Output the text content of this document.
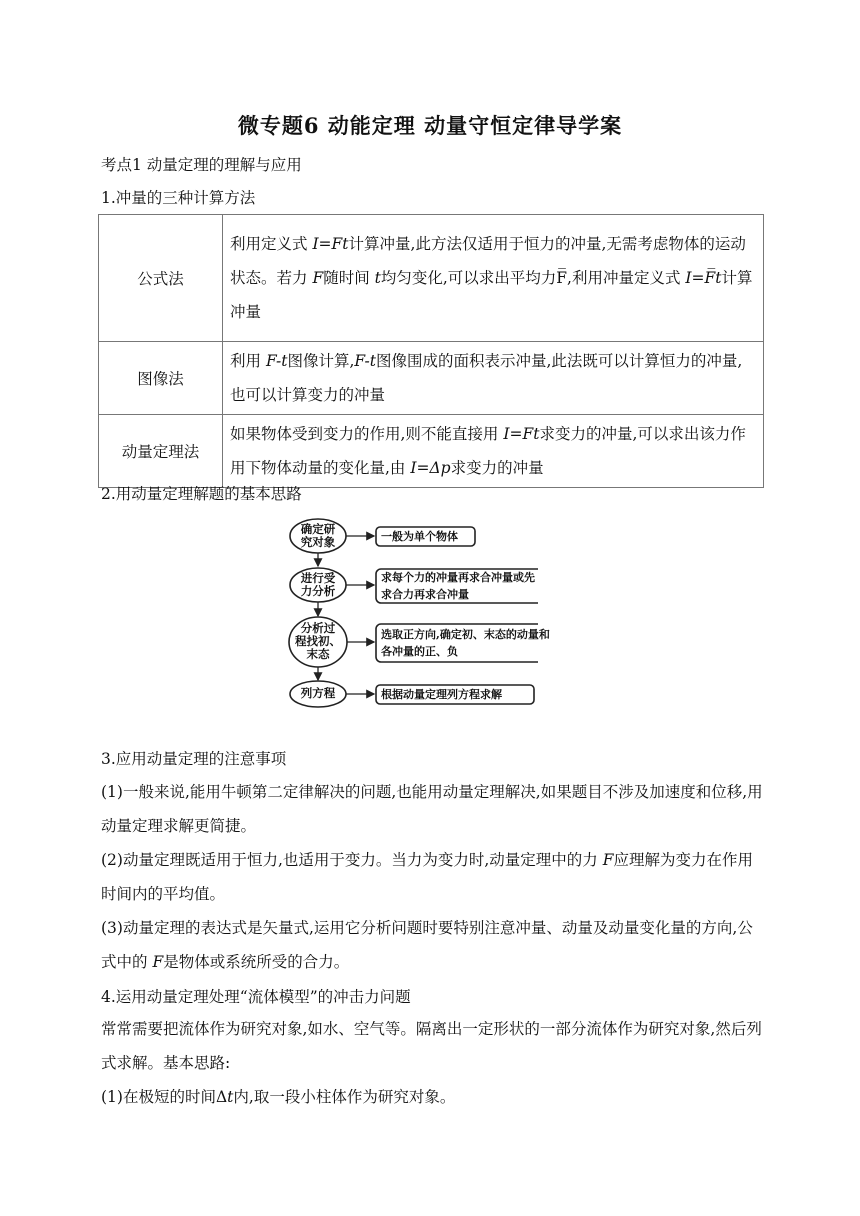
微专题6 动能定理 动量守恒定律导学案
考点1 动量定理的理解与应用
1.冲量的三种计算方法
公式法	利用定义式 I=Ft计算冲量,此方法仅适用于恒力的冲量,无需考虑物体的运动状态。若力 F随时间 t均匀变化,可以求出平均力F̅,利用冲量定义式 I=F̅t计算冲量
图像法	利用 F-t图像计算,F-t图像围成的面积表示冲量,此法既可以计算恒力的冲量,也可以计算变力的冲量
动量定理法	如果物体受到变力的作用,则不能直接用 I=Ft求变力的冲量,可以求出该力作用下物体动量的变化量,由 I=Δp求变力的冲量
2.用动量定理解题的基本思路
确定研
究对象
进行受
力分析
分析过
程找初、
末态
列方程
一般为单个物体
求每个力的冲量再求合冲量或先
求合力再求合冲量
选取正方向,确定初、末态的动量和
各冲量的正、负
根据动量定理列方程求解
3.应用动量定理的注意事项
(1)一般来说,能用牛顿第二定律解决的问题,也能用动量定理解决,如果题目不涉及加速度和位移,用动量定理求解更简捷。
(2)动量定理既适用于恒力,也适用于变力。当力为变力时,动量定理中的力 F应理解为变力在作用时间内的平均值。
(3)动量定理的表达式是矢量式,运用它分析问题时要特别注意冲量、动量及动量变化量的方向,公式中的 F是物体或系统所受的合力。
4.运用动量定理处理“流体模型”的冲击力问题
常常需要把流体作为研究对象,如水、空气等。隔离出一定形状的一部分流体作为研究对象,然后列式求解。基本思路:
(1)在极短的时间Δt内,取一段小柱体作为研究对象。
